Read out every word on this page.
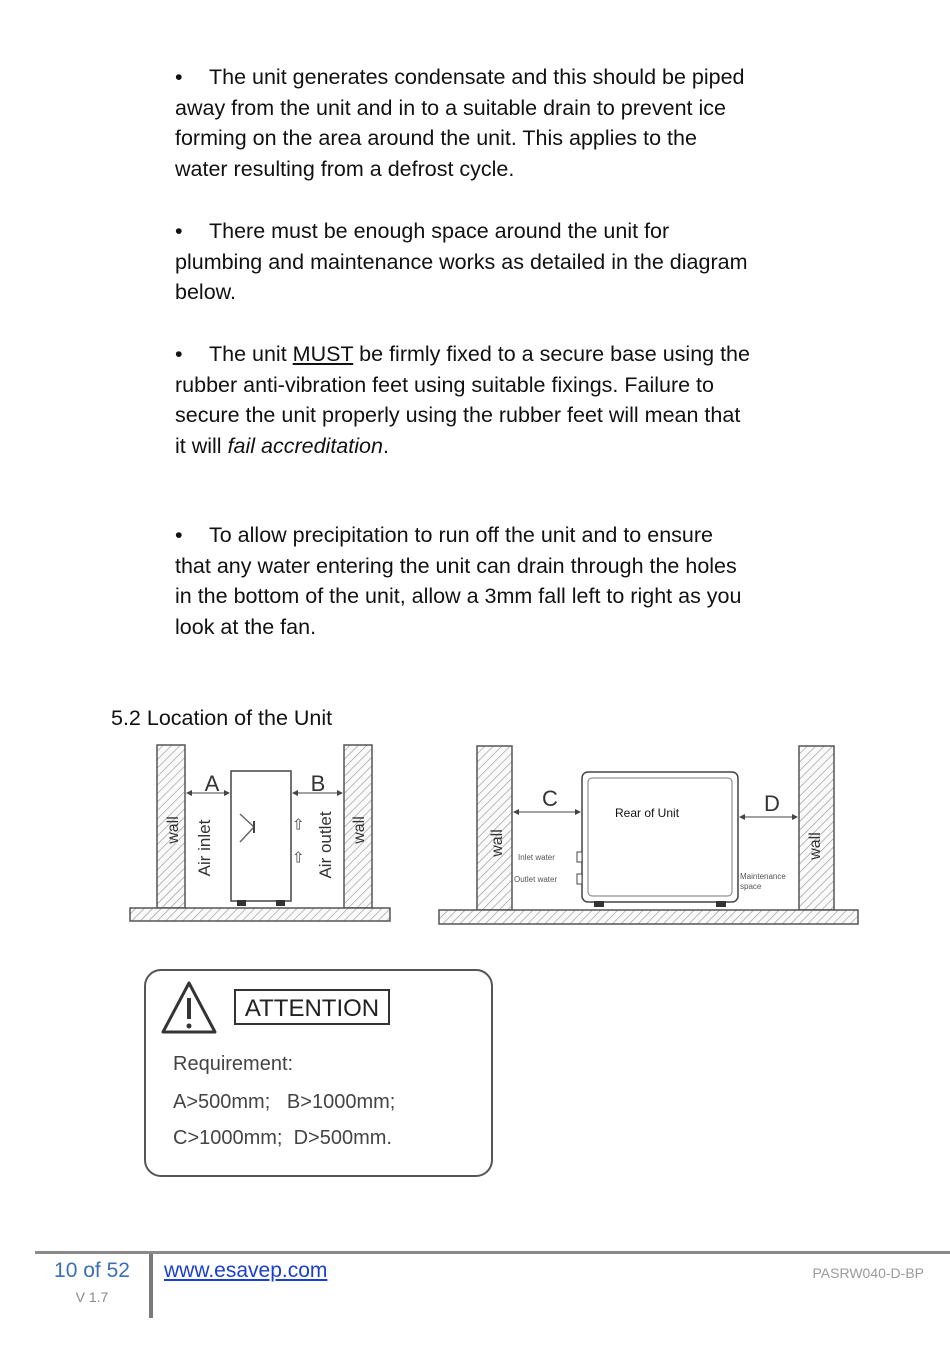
• The unit generates condensate and this should be piped
away from the unit and in to a suitable drain to prevent ice
forming on the area around the unit. This applies to the
water resulting from a defrost cycle.
• There must be enough space around the unit for
plumbing and maintenance works as detailed in the diagram
below.
• The unit MUST be firmly fixed to a secure base using the
rubber anti-vibration feet using suitable fixings. Failure to
secure the unit properly using the rubber feet will mean that
it will fail accreditation.
• To allow precipitation to run off the unit and to ensure
that any water entering the unit can drain through the holes
in the bottom of the unit, allow a 3mm fall left to right as you
look at the fan.
5.2 Location of the Unit
A	B
wall	wall
Air inlet	Air outlet
⇨
⇨
C	D
Rear of Unit
wall	wall
Inlet water
Outlet water	Maintenance
space
ATTENTION
Requirement:
A>500mm;   B>1000mm;
C>1000mm;  D>500mm.
10 of 52
V 1.7
www.esavep.com	PASRW040-D-BP
